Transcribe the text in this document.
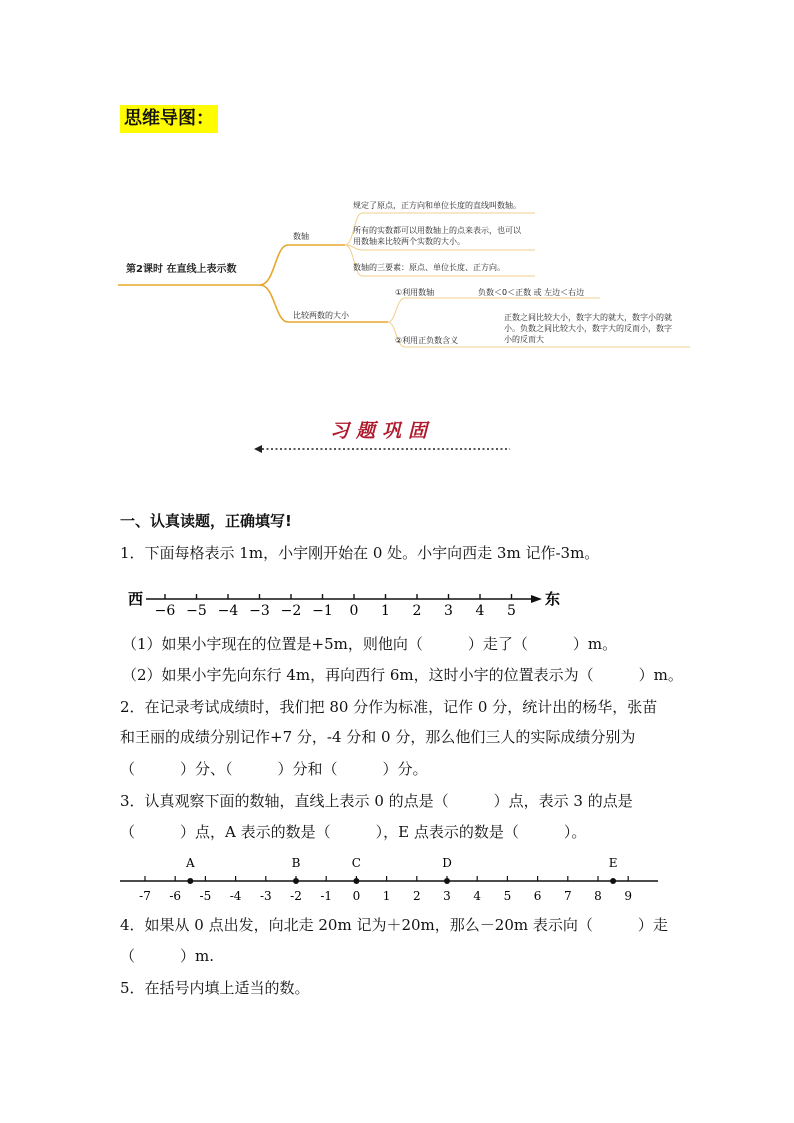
思维导图：
第2课时 在直线上表示数
数轴
规定了原点，正方向和单位长度的直线叫数轴。
所有的实数都可以用数轴上的点来表示，也可以
用数轴来比较两个实数的大小。
数轴的三要素：原点、单位长度、正方向。
比较两数的大小
①利用数轴	负数＜0＜正数 或 左边＜右边
②利用正负数含义
正数之间比较大小，数字大的就大，数字小的就
小。负数之间比较大小，数字大的反而小，数字
小的反而大
习题巩固
一、认真读题，正确填写!
1．下面每格表示 1m，小宇刚开始在 0 处。小宇向西走 3m 记作-3m。
西	东
−6 −5 −4 −3 −2 −1 0 1 2 3 4 5
（1）如果小宇现在的位置是+5m，则他向（　　　）走了（　　　）m。
（2）如果小宇先向东行 4m，再向西行 6m，这时小宇的位置表示为（　　　）m。
2．在记录考试成绩时，我们把 80 分作为标准，记作 0 分，统计出的杨华，张苗
和王丽的成绩分别记作+7 分，-4 分和 0 分，那么他们三人的实际成绩分别为
（　　　）分、（　　　）分和（　　　）分。
3．认真观察下面的数轴，直线上表示 0 的点是（　　　）点，表示 3 的点是
（　　　）点，A 表示的数是（　　　），E 点表示的数是（　　　）。
-7 -6 -5 -4 -3 -2 -1 0 1 2 3 4 5 6 7 8 9
A	B	C	D	E
4．如果从 0 点出发，向北走 20m 记为＋20m，那么－20m 表示向（　　　）走
（　　　）m.
5．在括号内填上适当的数。
